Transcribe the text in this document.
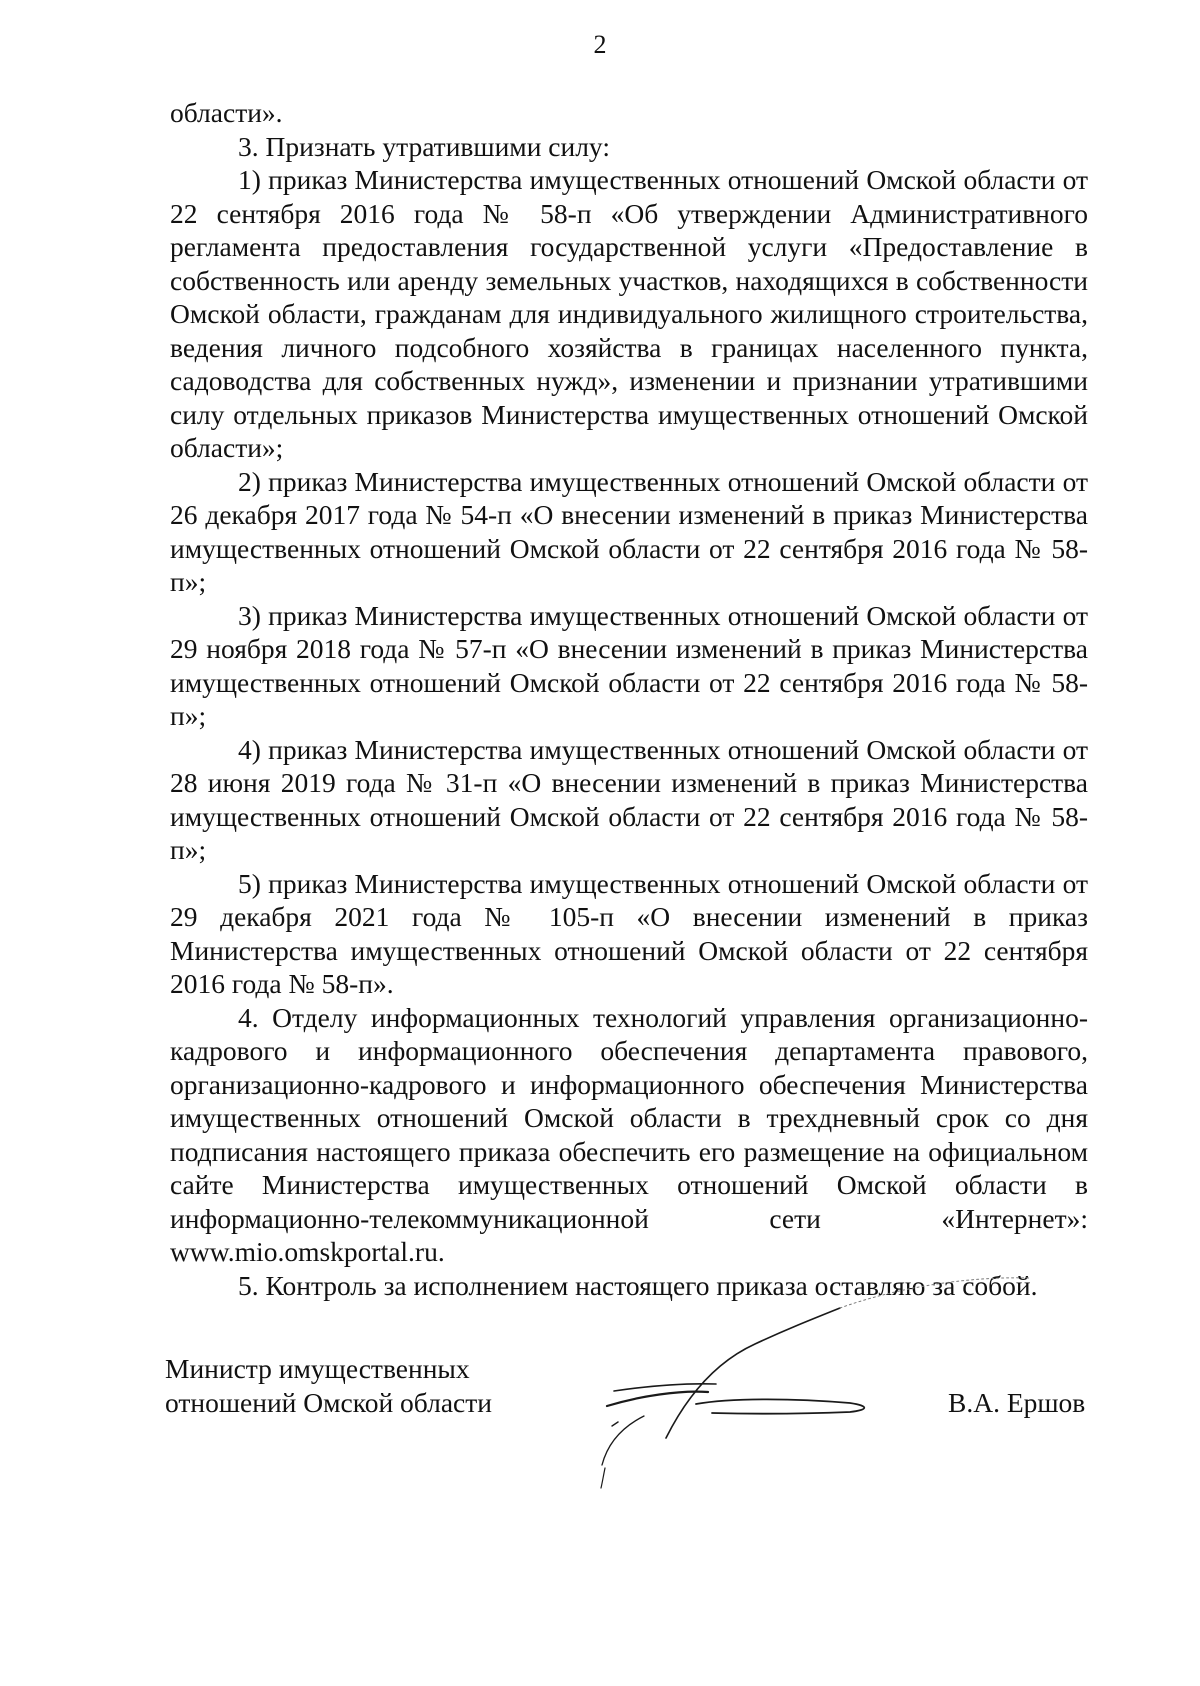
2

области».

3. Признать утратившими силу:

1) приказ Министерства имущественных отношений Омской области от 22 сентября 2016 года № 58-п «Об утверждении Административного регламента предоставления государственной услуги «Предоставление в собственность или аренду земельных участков, находящихся в собственности Омской области, гражданам для индивидуального жилищного строительства, ведения личного подсобного хозяйства в границах населенного пункта, садоводства для собственных нужд», изменении и признании утратившими силу отдельных приказов Министерства имущественных отношений Омской области»;

2) приказ Министерства имущественных отношений Омской области от 26 декабря 2017 года № 54-п «О внесении изменений в приказ Министерства имущественных отношений Омской области от 22 сентября 2016 года № 58-п»;

3) приказ Министерства имущественных отношений Омской области от 29 ноября 2018 года № 57-п «О внесении изменений в приказ Министерства имущественных отношений Омской области от 22 сентября 2016 года № 58-п»;

4) приказ Министерства имущественных отношений Омской области от 28 июня 2019 года № 31-п «О внесении изменений в приказ Министерства имущественных отношений Омской области от 22 сентября 2016 года № 58-п»;

5) приказ Министерства имущественных отношений Омской области от 29 декабря 2021 года № 105-п «О внесении изменений в приказ Министерства имущественных отношений Омской области от 22 сентября 2016 года № 58-п».

4. Отделу информационных технологий управления организационно-кадрового и информационного обеспечения департамента правового, организационно-кадрового и информационного обеспечения Министерства имущественных отношений Омской области в трехдневный срок со дня подписания настоящего приказа обеспечить его размещение на официальном сайте Министерства имущественных отношений Омской области в информационно-телекоммуникационной сети «Интернет»: www.mio.omskportal.ru.

5. Контроль за исполнением настоящего приказа оставляю за собой.

Министр имущественных
отношений Омской области	В.А. Ершов
